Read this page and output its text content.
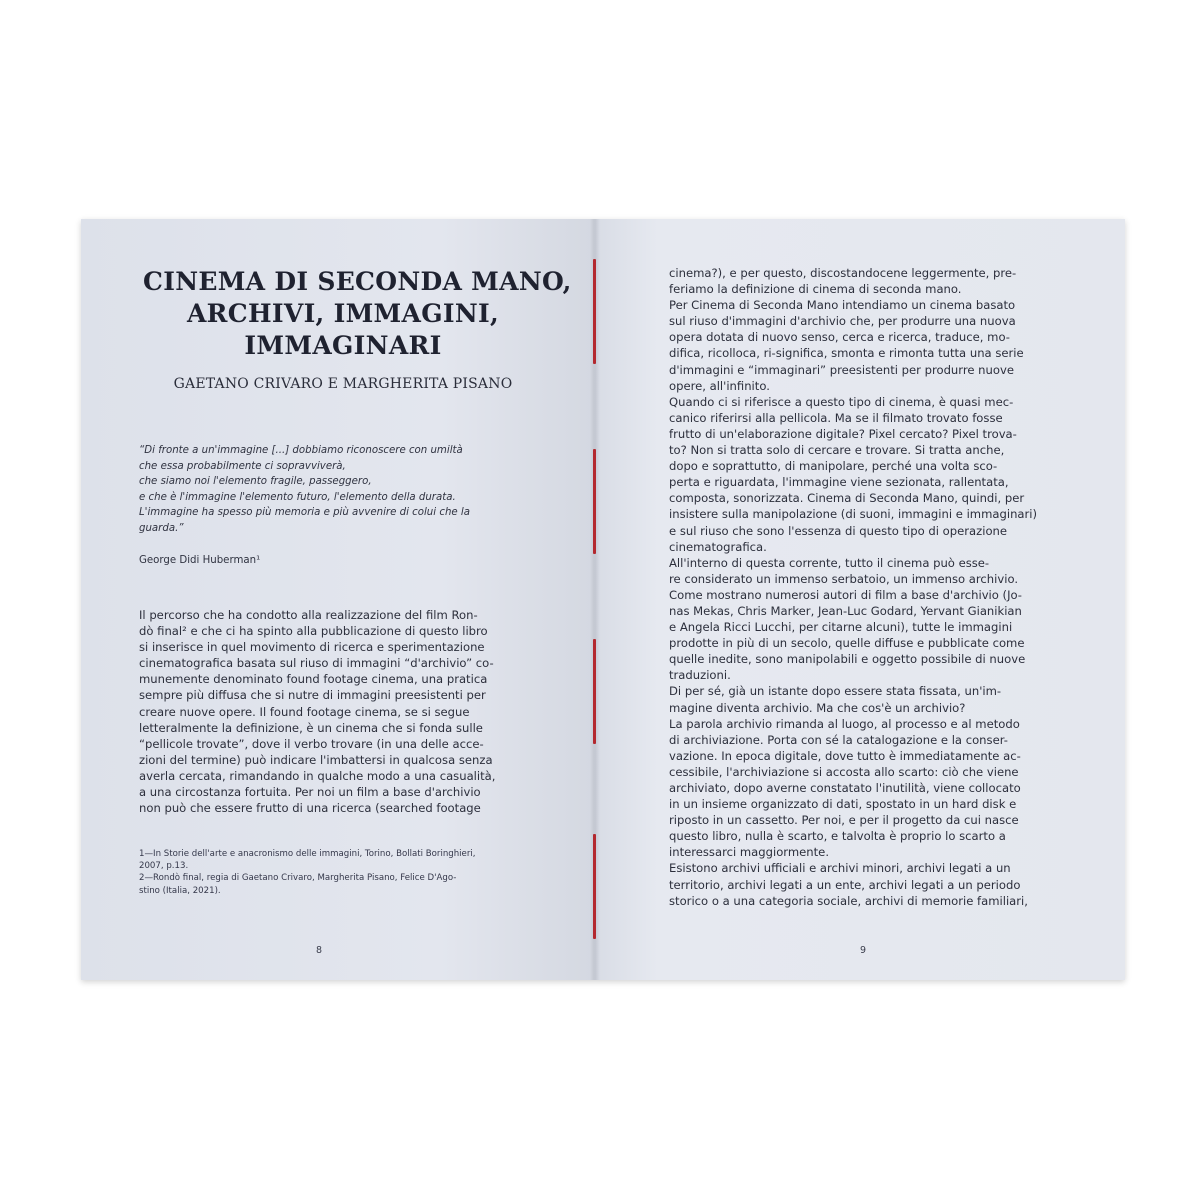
CINEMA DI SECONDA MANO,
ARCHIVI, IMMAGINI,
IMMAGINARI
GAETANO CRIVARO E MARGHERITA PISANO
“Di fronte a un'immagine [...] dobbiamo riconoscere con umiltà
che essa probabilmente ci sopravviverà,
che siamo noi l'elemento fragile, passeggero,
e che è l'immagine l'elemento futuro, l'elemento della durata.
L'immagine ha spesso più memoria e più avvenire di colui che la
guarda.”
George Didi Huberman¹
Il percorso che ha condotto alla realizzazione del film Ron-
dò final² e che ci ha spinto alla pubblicazione di questo libro
si inserisce in quel movimento di ricerca e sperimentazione
cinematografica basata sul riuso di immagini “d'archivio” co-
munemente denominato found footage cinema, una pratica
sempre più diffusa che si nutre di immagini preesistenti per
creare nuove opere. Il found footage cinema, se si segue
letteralmente la definizione, è un cinema che si fonda sulle
“pellicole trovate”, dove il verbo trovare (in una delle acce-
zioni del termine) può indicare l'imbattersi in qualcosa senza
averla cercata, rimandando in qualche modo a una casualità,
a una circostanza fortuita. Per noi un film a base d'archivio
non può che essere frutto di una ricerca (searched footage
1—In Storie dell'arte e anacronismo delle immagini, Torino, Bollati Boringhieri,
2007, p.13.
2—Rondò final, regia di Gaetano Crivaro, Margherita Pisano, Felice D'Ago-
stino (Italia, 2021).
8
cinema?), e per questo, discostandocene leggermente, pre-
feriamo la definizione di cinema di seconda mano.
Per Cinema di Seconda Mano intendiamo un cinema basato
sul riuso d'immagini d'archivio che, per produrre una nuova
opera dotata di nuovo senso, cerca e ricerca, traduce, mo-
difica, ricolloca, ri-significa, smonta e rimonta tutta una serie
d'immagini e “immaginari” preesistenti per produrre nuove
opere, all'infinito.
Quando ci si riferisce a questo tipo di cinema, è quasi mec-
canico riferirsi alla pellicola. Ma se il filmato trovato fosse
frutto di un'elaborazione digitale? Pixel cercato? Pixel trova-
to? Non si tratta solo di cercare e trovare. Si tratta anche,
dopo e soprattutto, di manipolare, perché una volta sco-
perta e riguardata, l'immagine viene sezionata, rallentata,
composta, sonorizzata. Cinema di Seconda Mano, quindi, per
insistere sulla manipolazione (di suoni, immagini e immaginari)
e sul riuso che sono l'essenza di questo tipo di operazione
cinematografica.
All'interno di questa corrente, tutto il cinema può esse-
re considerato un immenso serbatoio, un immenso archivio.
Come mostrano numerosi autori di film a base d'archivio (Jo-
nas Mekas, Chris Marker, Jean-Luc Godard, Yervant Gianikian
e Angela Ricci Lucchi, per citarne alcuni), tutte le immagini
prodotte in più di un secolo, quelle diffuse e pubblicate come
quelle inedite, sono manipolabili e oggetto possibile di nuove
traduzioni.
Di per sé, già un istante dopo essere stata fissata, un'im-
magine diventa archivio. Ma che cos'è un archivio?
La parola archivio rimanda al luogo, al processo e al metodo
di archiviazione. Porta con sé la catalogazione e la conser-
vazione. In epoca digitale, dove tutto è immediatamente ac-
cessibile, l'archiviazione si accosta allo scarto: ciò che viene
archiviato, dopo averne constatato l'inutilità, viene collocato
in un insieme organizzato di dati, spostato in un hard disk e
riposto in un cassetto. Per noi, e per il progetto da cui nasce
questo libro, nulla è scarto, e talvolta è proprio lo scarto a
interessarci maggiormente.
Esistono archivi ufficiali e archivi minori, archivi legati a un
territorio, archivi legati a un ente, archivi legati a un periodo
storico o a una categoria sociale, archivi di memorie familiari,
9
